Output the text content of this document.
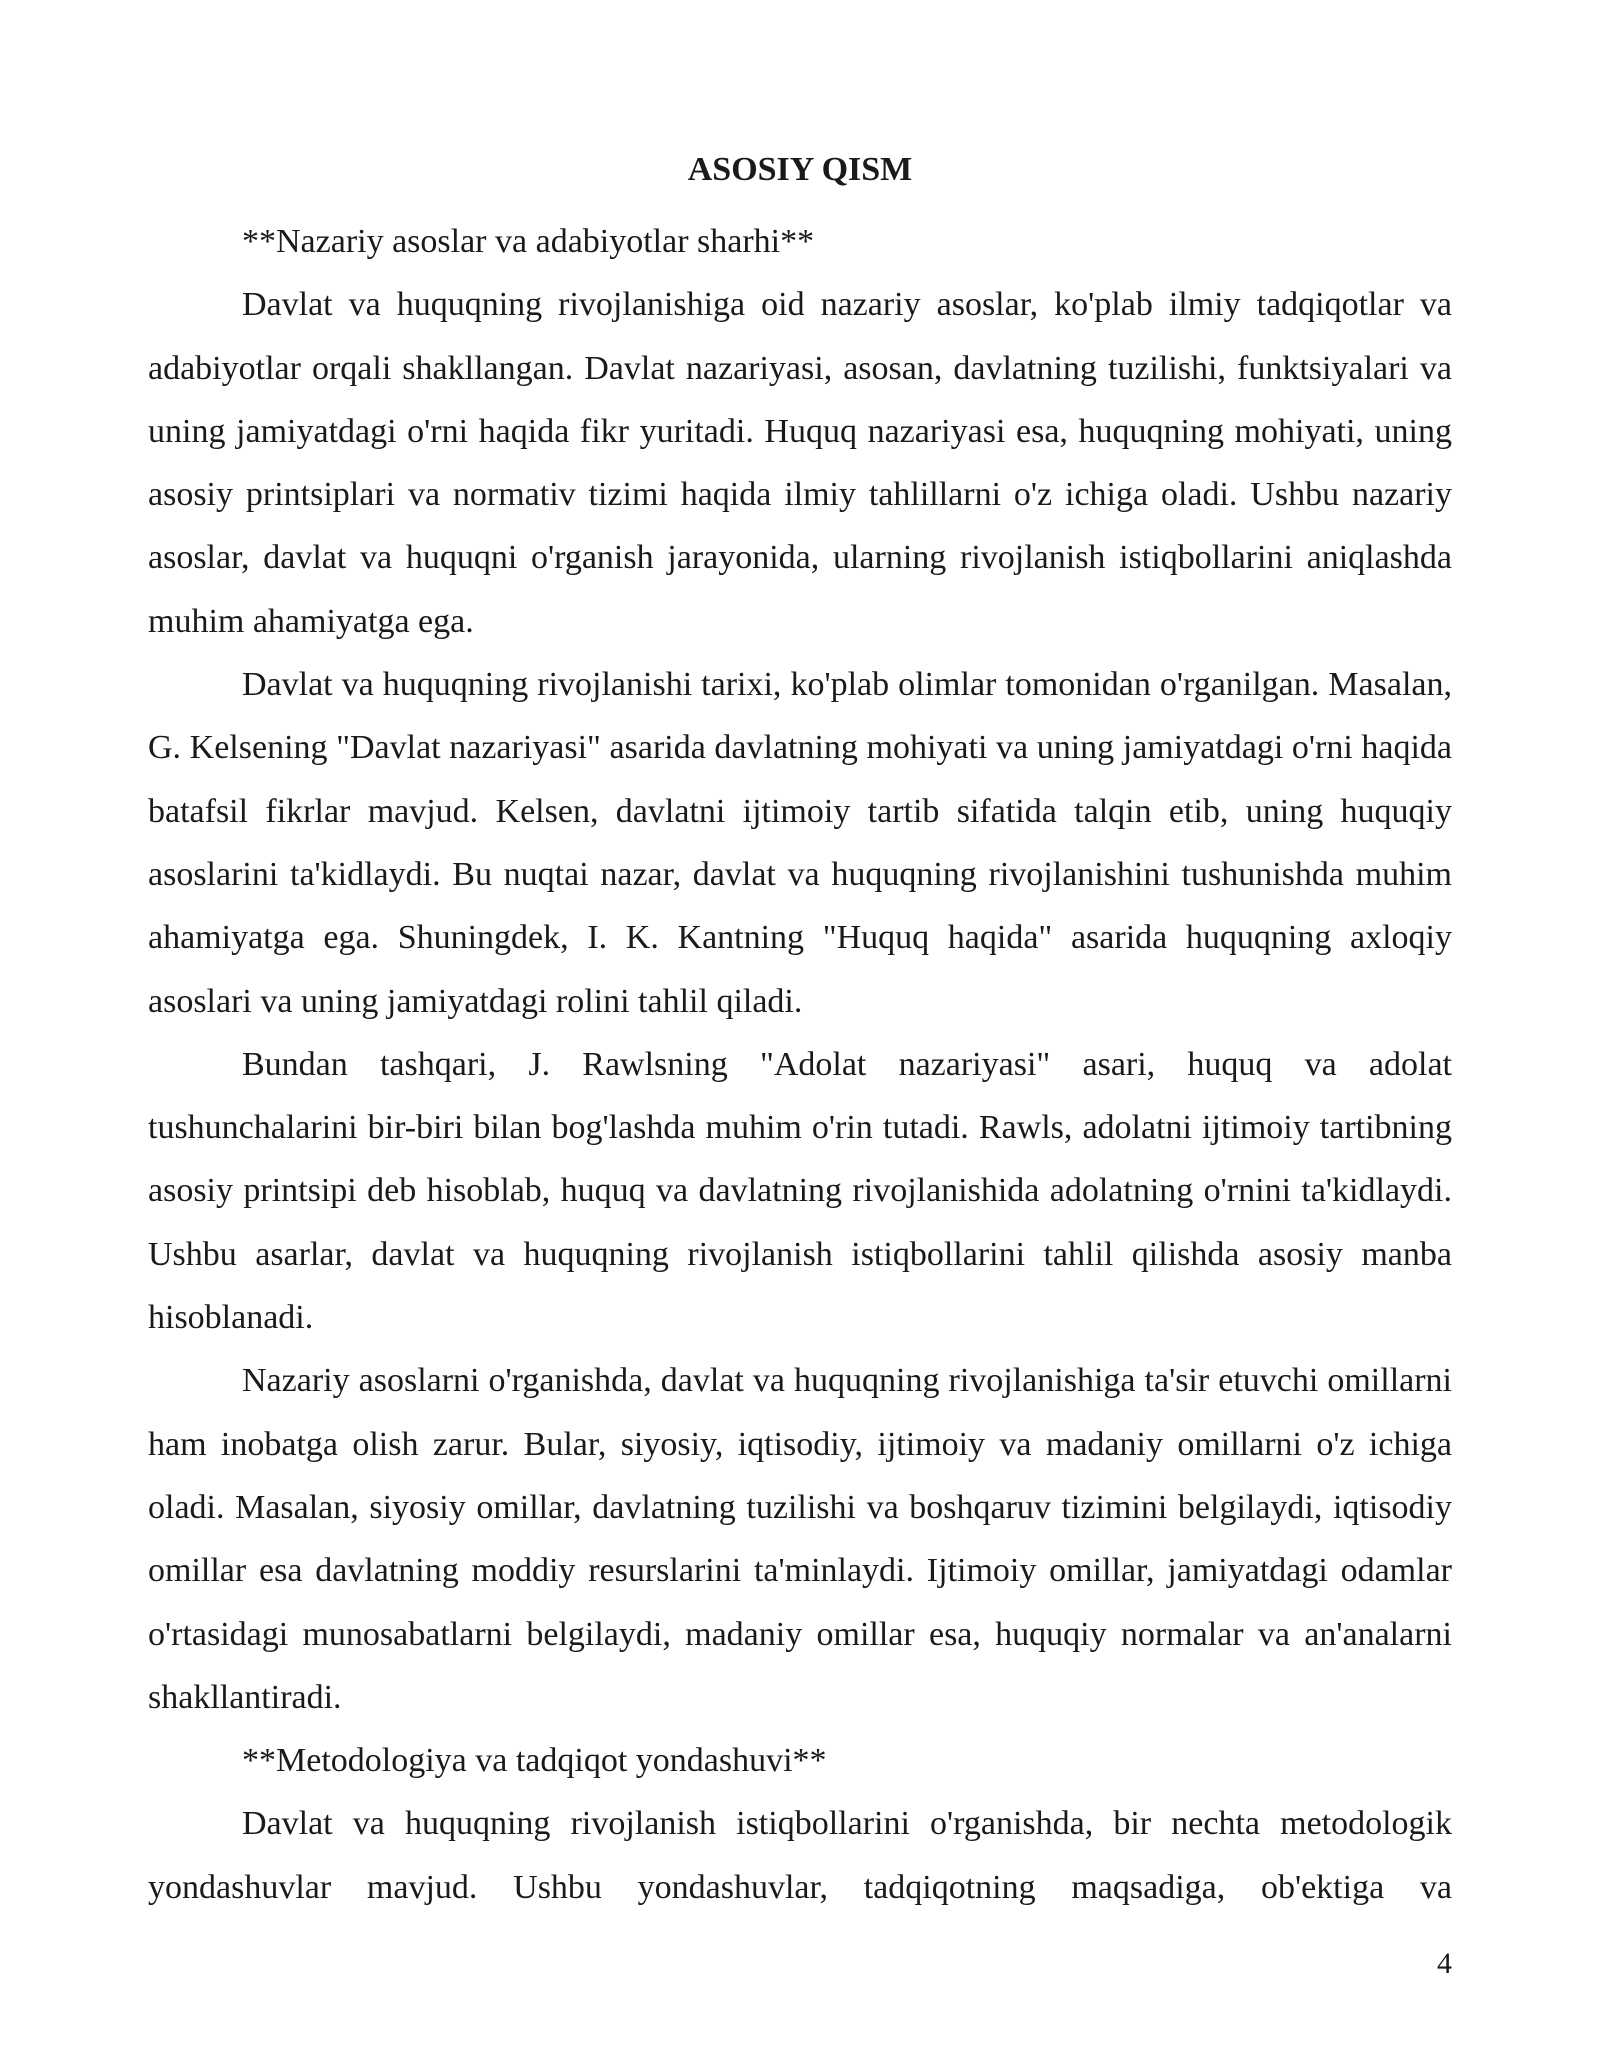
ASOSIY QISM

**Nazariy asoslar va adabiyotlar sharhi**

Davlat va huquqning rivojlanishiga oid nazariy asoslar, ko'plab ilmiy tadqiqotlar va adabiyotlar orqali shakllangan. Davlat nazariyasi, asosan, davlatning tuzilishi, funktsiyalari va uning jamiyatdagi o'rni haqida fikr yuritadi. Huquq nazariyasi esa, huquqning mohiyati, uning asosiy printsiplari va normativ tizimi haqida ilmiy tahlillarni o'z ichiga oladi. Ushbu nazariy asoslar, davlat va huquqni o'rganish jarayonida, ularning rivojlanish istiqbollarini aniqlashda muhim ahamiyatga ega.

Davlat va huquqning rivojlanishi tarixi, ko'plab olimlar tomonidan o'rganilgan. Masalan, G. Kelsening "Davlat nazariyasi" asarida davlatning mohiyati va uning jamiyatdagi o'rni haqida batafsil fikrlar mavjud. Kelsen, davlatni ijtimoiy tartib sifatida talqin etib, uning huquqiy asoslarini ta'kidlaydi. Bu nuqtai nazar, davlat va huquqning rivojlanishini tushunishda muhim ahamiyatga ega. Shuningdek, I. K. Kantning "Huquq haqida" asarida huquqning axloqiy asoslari va uning jamiyatdagi rolini tahlil qiladi.

Bundan tashqari, J. Rawlsning "Adolat nazariyasi" asari, huquq va adolat tushunchalarini bir-biri bilan bog'lashda muhim o'rin tutadi. Rawls, adolatni ijtimoiy tartibning asosiy printsipi deb hisoblab, huquq va davlatning rivojlanishida adolatning o'rnini ta'kidlaydi. Ushbu asarlar, davlat va huquqning rivojlanish istiqbollarini tahlil qilishda asosiy manba hisoblanadi.

Nazariy asoslarni o'rganishda, davlat va huquqning rivojlanishiga ta'sir etuvchi omillarni ham inobatga olish zarur. Bular, siyosiy, iqtisodiy, ijtimoiy va madaniy omillarni o'z ichiga oladi. Masalan, siyosiy omillar, davlatning tuzilishi va boshqaruv tizimini belgilaydi, iqtisodiy omillar esa davlatning moddiy resurslarini ta'minlaydi. Ijtimoiy omillar, jamiyatdagi odamlar o'rtasidagi munosabatlarni belgilaydi, madaniy omillar esa, huquqiy normalar va an'analarni shakllantiradi.

**Metodologiya va tadqiqot yondashuvi**

Davlat va huquqning rivojlanish istiqbollarini o'rganishda, bir nechta metodologik yondashuvlar mavjud. Ushbu yondashuvlar, tadqiqotning maqsadiga, ob'ektiga va

4
